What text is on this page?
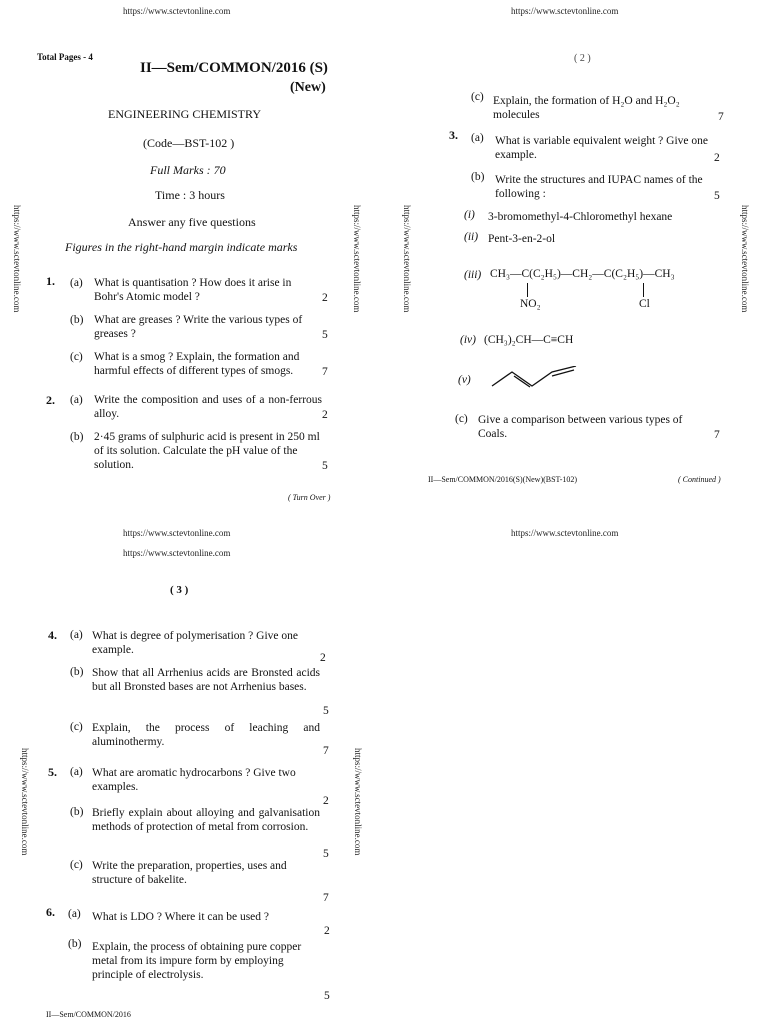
https://www.sctevtonline.com	https://www.sctevtonline.com
https://www.sctevtonline.com	https://www.sctevtonline.com	https://www.sctevtonline.com	https://www.sctevtonline.com
Total Pages - 4
II—Sem/COMMON/2016 (S)
(New)
ENGINEERING CHEMISTRY
(Code—BST-102 )
Full Marks : 70
Time : 3 hours
Answer any five questions
Figures in the right-hand margin indicate marks
1. (a) What is quantisation ? How does it arise in Bohr's Atomic model ?	2
(b) What are greases ? Write the various types of greases ?	5
(c) What is a smog ? Explain, the formation and harmful effects of different types of smogs.	7
2. (a) Write the composition and uses of a non-ferrous alloy.	2
(b) 2·45 grams of sulphuric acid is present in 250 ml of its solution. Calculate the pH value of the solution.	5
( Turn Over )
( 2 )
(c) Explain, the formation of H₂O and H₂O₂ molecules	7
3. (a) What is variable equivalent weight ? Give one example.	2
(b) Write the structures and IUPAC names of the following :	5
(i) 3-bromomethyl-4-Chloromethyl hexane
(ii) Pent-3-en-2-ol
(iii) CH₃—C(C₂H₅)—CH₂—C(C₂H₅)—CH₃
NO₂	Cl
(iv) (CH₃)₂CH—C≡CH
(v)
(c) Give a comparison between various types of Coals.	7
II—Sem/COMMON/2016(S)(New)(BST-102)	( Continued )
https://www.sctevtonline.com	https://www.sctevtonline.com
https://www.sctevtonline.com
https://www.sctevtonline.com	https://www.sctevtonline.com
( 3 )
4. (a) What is degree of polymerisation ? Give one example.
2
(b) Show that all Arrhenius acids are Bronsted acids but all Bronsted bases are not Arrhenius bases.
5
(c) Explain, the process of leaching and aluminothermy.
7
5. (a) What are aromatic hydrocarbons ? Give two examples.
2
(b) Briefly explain about alloying and galvanisation methods of protection of metal from corrosion.
5
(c) Write the preparation, properties, uses and structure of bakelite.
7
6. (a) What is LDO ? Where it can be used ?
2
(b) Explain, the process of obtaining pure copper metal from its impure form by employing principle of electrolysis.
5
II—Sem/COMMON/2016
